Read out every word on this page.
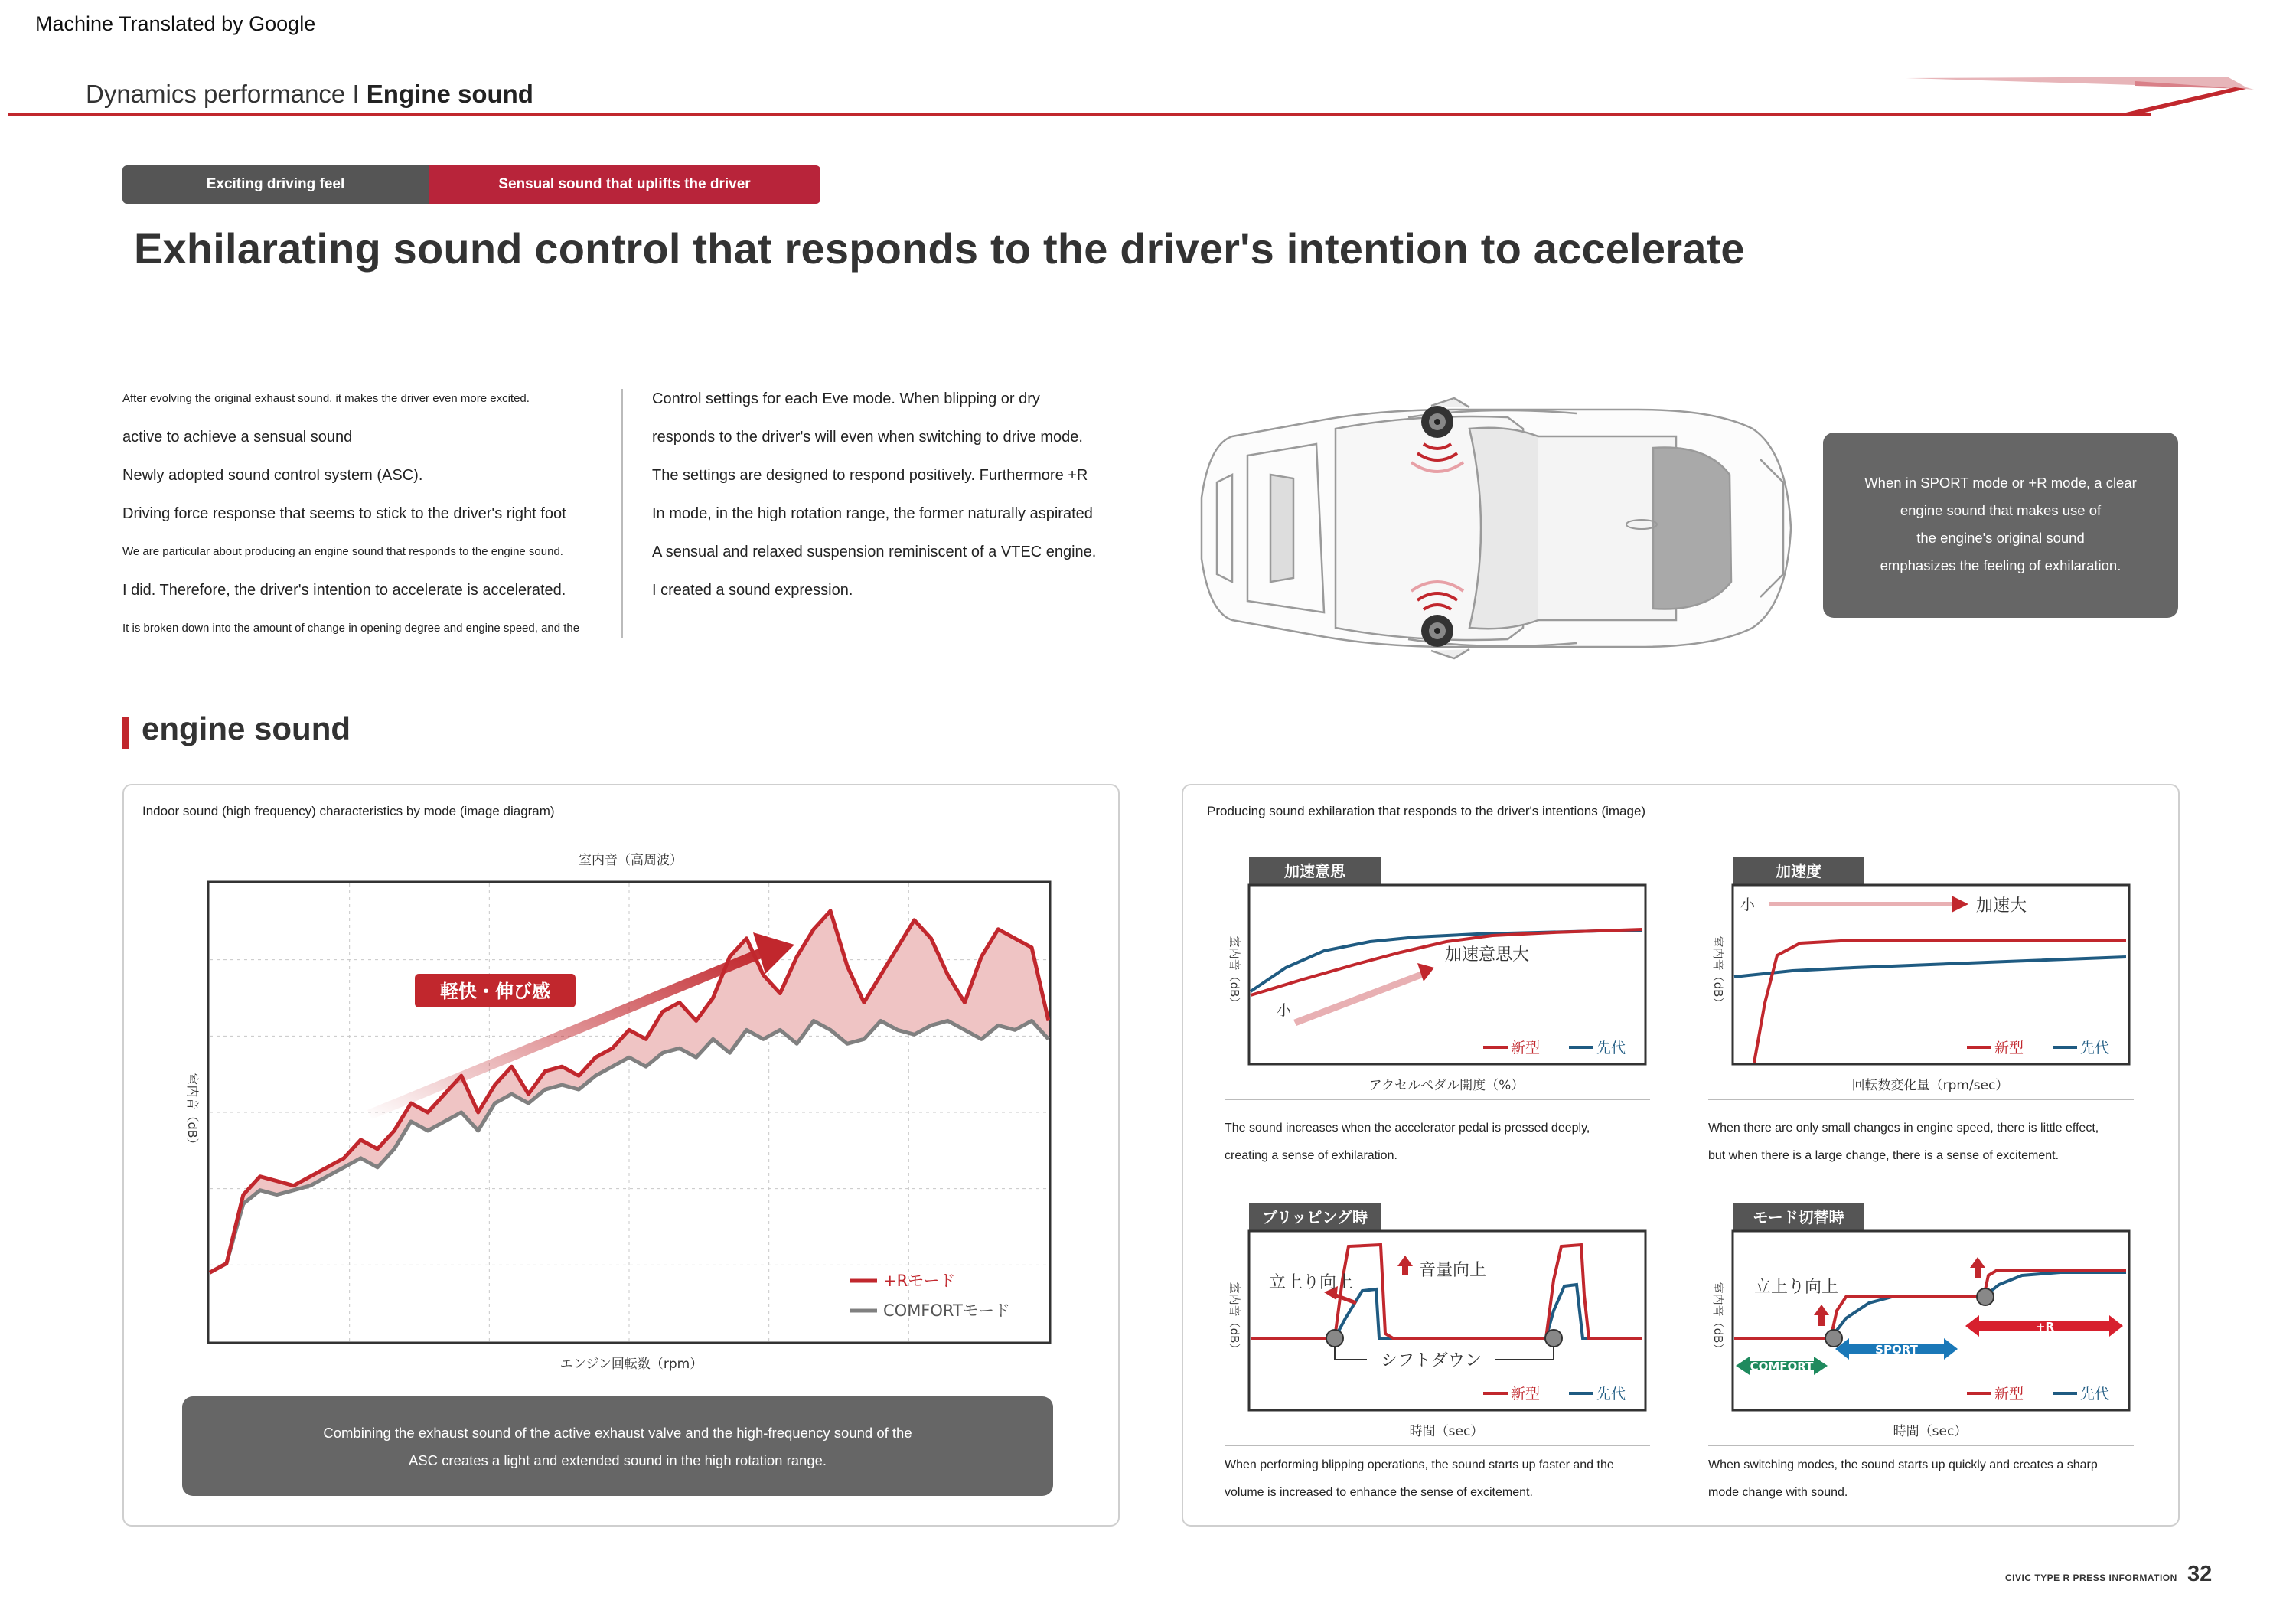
Machine Translated by Google
Dynamics performance I Engine sound
Exciting driving feel	Sensual sound that uplifts the driver
Exhilarating sound control that responds to the driver's intention to accelerate
After evolving the original exhaust sound, it makes the driver even more excited.
active to achieve a sensual sound
Newly adopted sound control system (ASC).
Driving force response that seems to stick to the driver's right foot
We are particular about producing an engine sound that responds to the engine sound.
I did. Therefore, the driver's intention to accelerate is accelerated.
It is broken down into the amount of change in opening degree and engine speed, and the
Control settings for each Eve mode. When blipping or dry
responds to the driver's will even when switching to drive mode.
The settings are designed to respond positively. Furthermore +R
In mode, in the high rotation range, the former naturally aspirated
A sensual and relaxed suspension reminiscent of a VTEC engine.
I created a sound expression.
When in SPORT mode or +R mode, a clear
engine sound that makes use of
the engine's original sound
emphasizes the feeling of exhilaration.
engine sound
Indoor sound (high frequency) characteristics by mode (image diagram)
室内音（高周波）
軽快・伸び感
+Rモード
COMFORTモード
エンジン回転数（rpm）
室内音（dB）
Combining the exhaust sound of the active exhaust valve and the high-frequency sound of the
ASC creates a light and extended sound in the high rotation range.
Producing sound exhilaration that responds to the driver's intentions (image)
加速意思
加速意思大
小
新型	先代
室内音（dB）
アクセルペダル開度（%）
The sound increases when the accelerator pedal is pressed deeply,
creating a sense of exhilaration.
加速度
小	加速大
新型	先代
室内音（dB）
回転数変化量（rpm/sec）
When there are only small changes in engine speed, there is little effect,
but when there is a large change, there is a sense of excitement.
ブリッピング時
立上り向上
音量向上
シフトダウン
新型	先代
室内音（dB）
時間（sec）
When performing blipping operations, the sound starts up faster and the
volume is increased to enhance the sense of excitement.
モード切替時
立上り向上
COMFORT
SPORT
+R
新型	先代
室内音（dB）
時間（sec）
When switching modes, the sound starts up quickly and creates a sharp
mode change with sound.
CIVIC TYPE R PRESS INFORMATION 32
